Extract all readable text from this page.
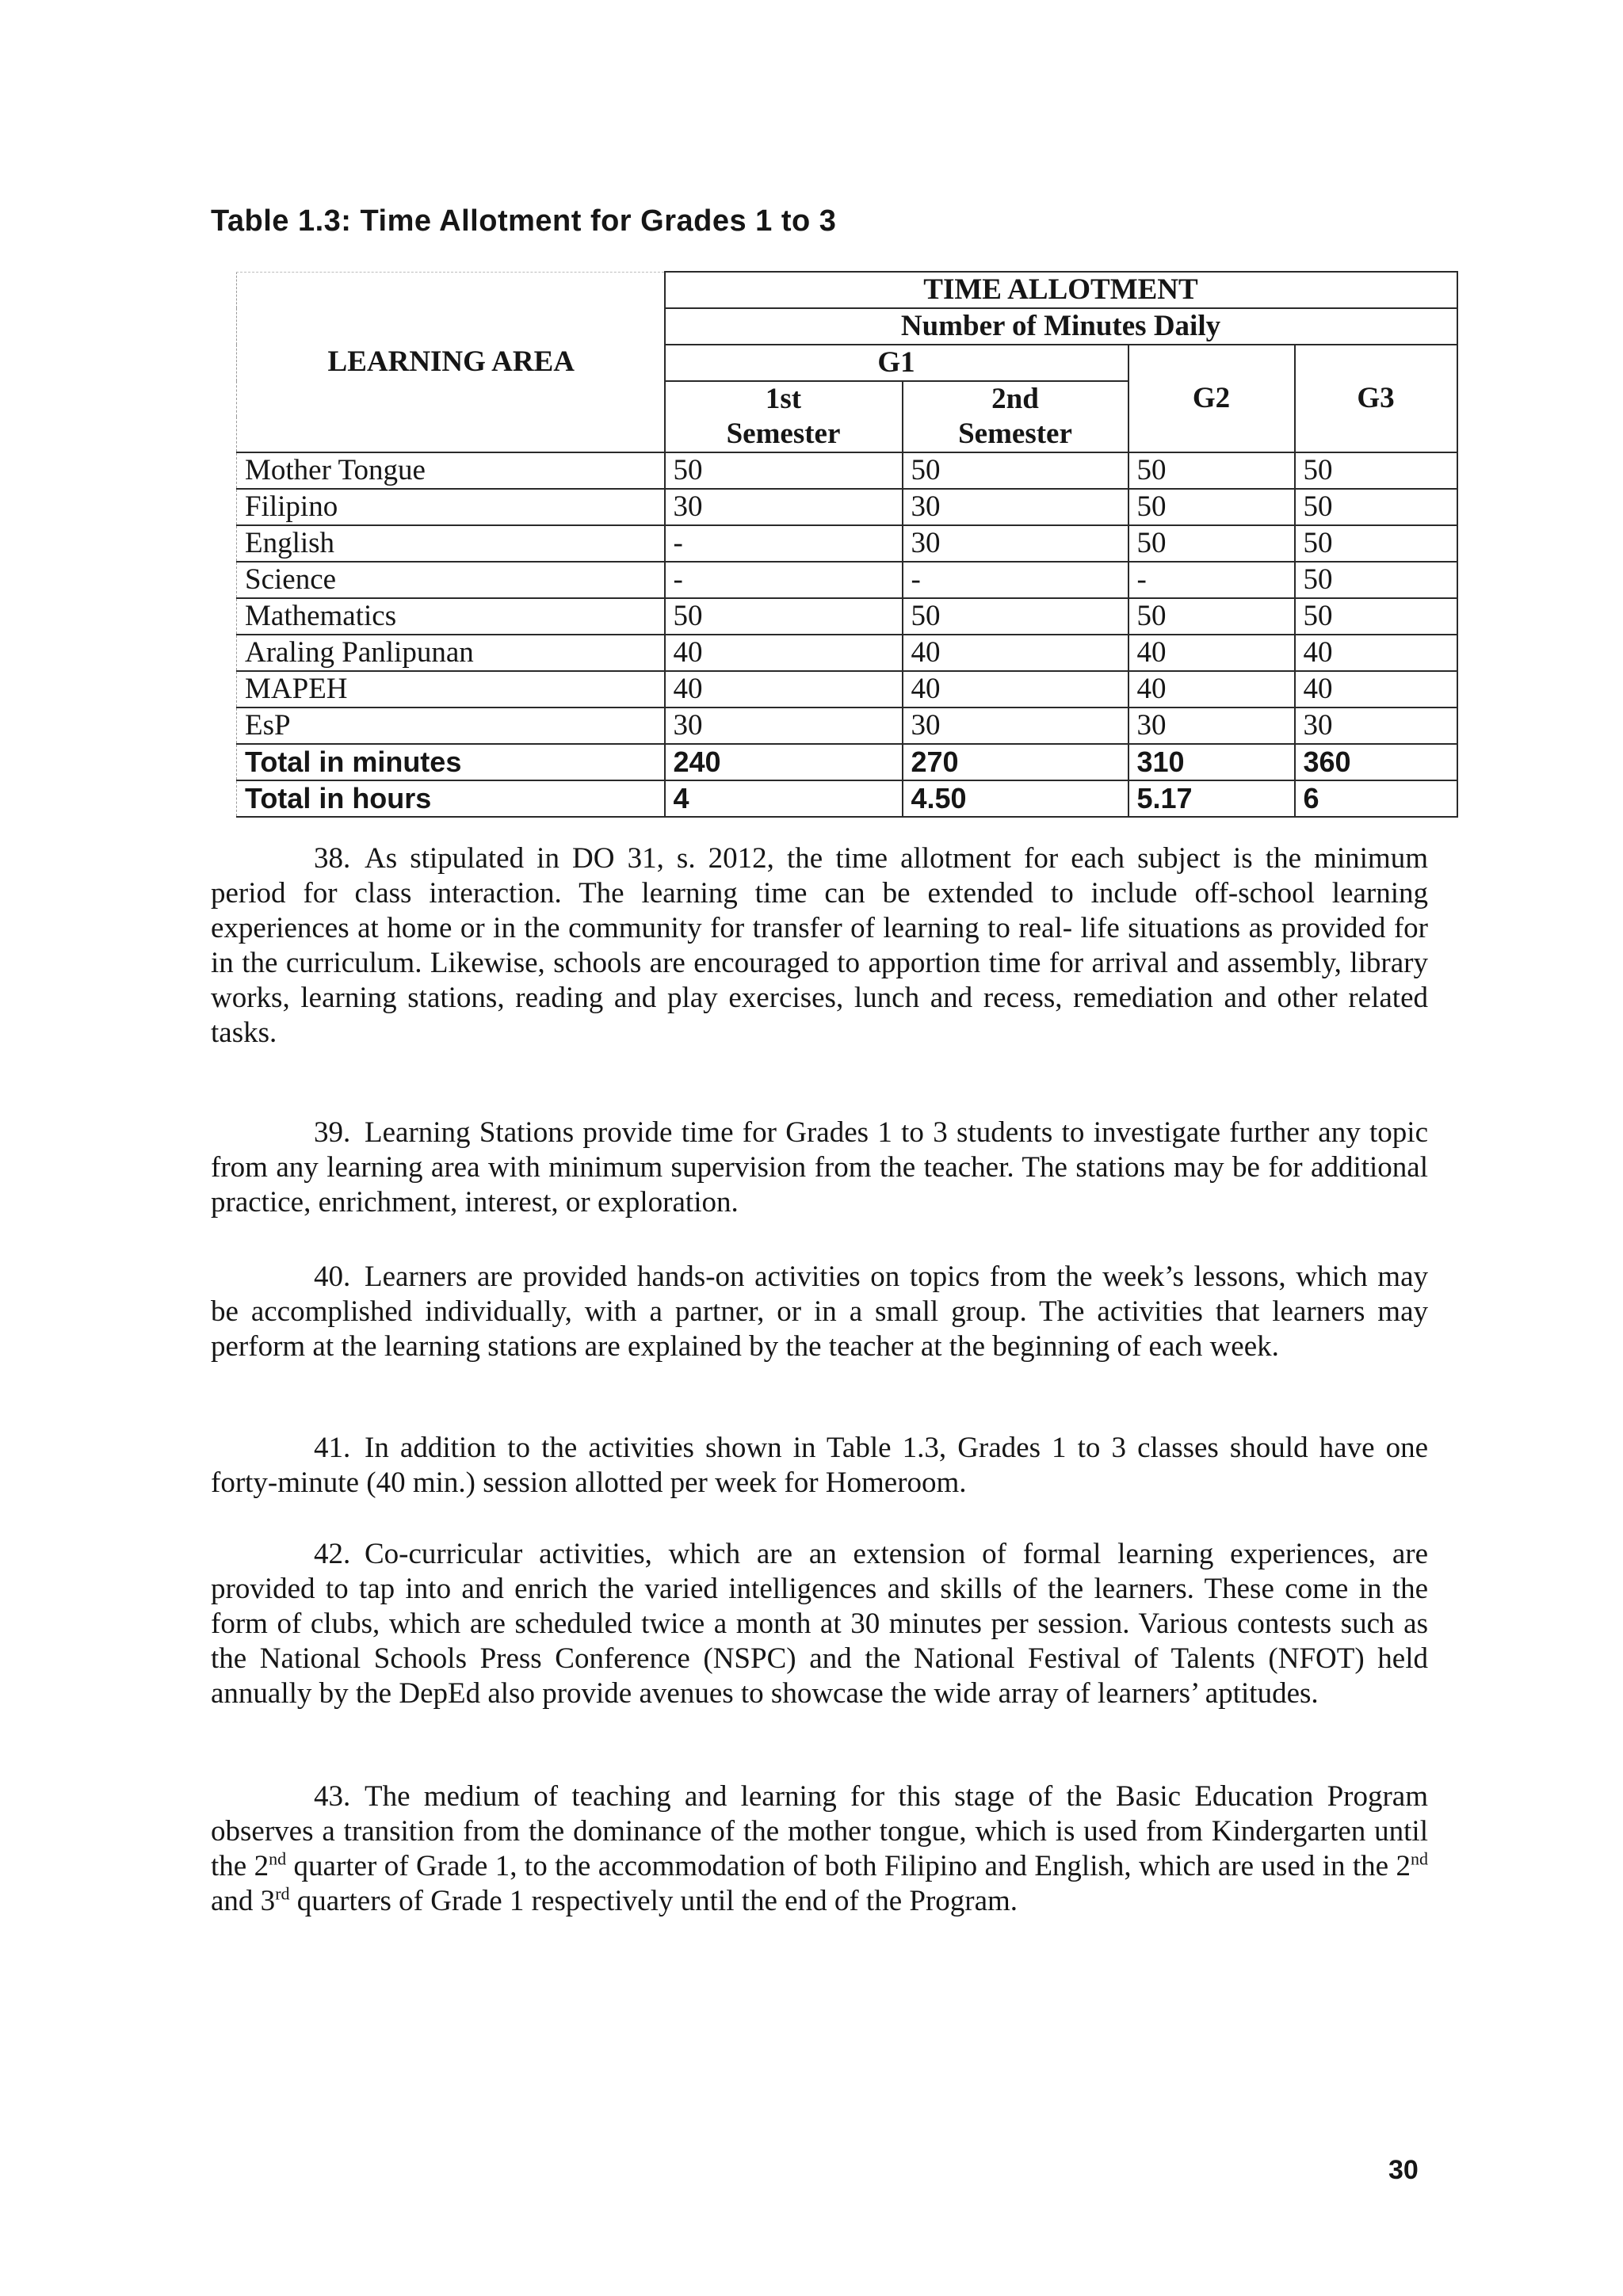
Table 1.3: Time Allotment for Grades 1 to 3
LEARNING AREA	TIME ALLOTMENT			
	Number of Minutes Daily			
	G1		G2	G3
	1st	2nd		
	Semester	Semester		
Mother Tongue	50	50	50	50
Filipino	30	30	50	50
English	-	30	50	50
Science	-	-	-	50
Mathematics	50	50	50	50
Araling Panlipunan	40	40	40	40
MAPEH	40	40	40	40
EsP	30	30	30	30
Total in minutes	240	270	310	360
Total in hours	4	4.50	5.17	6

38. As stipulated in DO 31, s. 2012, the time allotment for each subject is the minimum period for class interaction. The learning time can be extended to include off-school learning experiences at home or in the community for transfer of learning to real- life situations as provided for in the curriculum. Likewise, schools are encouraged to apportion time for arrival and assembly, library works, learning stations, reading and play exercises, lunch and recess, remediation and other related tasks.

39. Learning Stations provide time for Grades 1 to 3 students to investigate further any topic from any learning area with minimum supervision from the teacher. The stations may be for additional practice, enrichment, interest, or exploration.

40. Learners are provided hands-on activities on topics from the week’s lessons, which may be accomplished individually, with a partner, or in a small group. The activities that learners may perform at the learning stations are explained by the teacher at the beginning of each week.

41. In addition to the activities shown in Table 1.3, Grades 1 to 3 classes should have one forty-minute (40 min.) session allotted per week for Homeroom.

42. Co-curricular activities, which are an extension of formal learning experiences, are provided to tap into and enrich the varied intelligences and skills of the learners. These come in the form of clubs, which are scheduled twice a month at 30 minutes per session. Various contests such as the National Schools Press Conference (NSPC) and the National Festival of Talents (NFOT) held annually by the DepEd also provide avenues to showcase the wide array of learners’ aptitudes.

43. The medium of teaching and learning for this stage of the Basic Education Program observes a transition from the dominance of the mother tongue, which is used from Kindergarten until the 2nd quarter of Grade 1, to the accommodation of both Filipino and English, which are used in the 2nd and 3rd quarters of Grade 1 respectively until the end of the Program.

30
